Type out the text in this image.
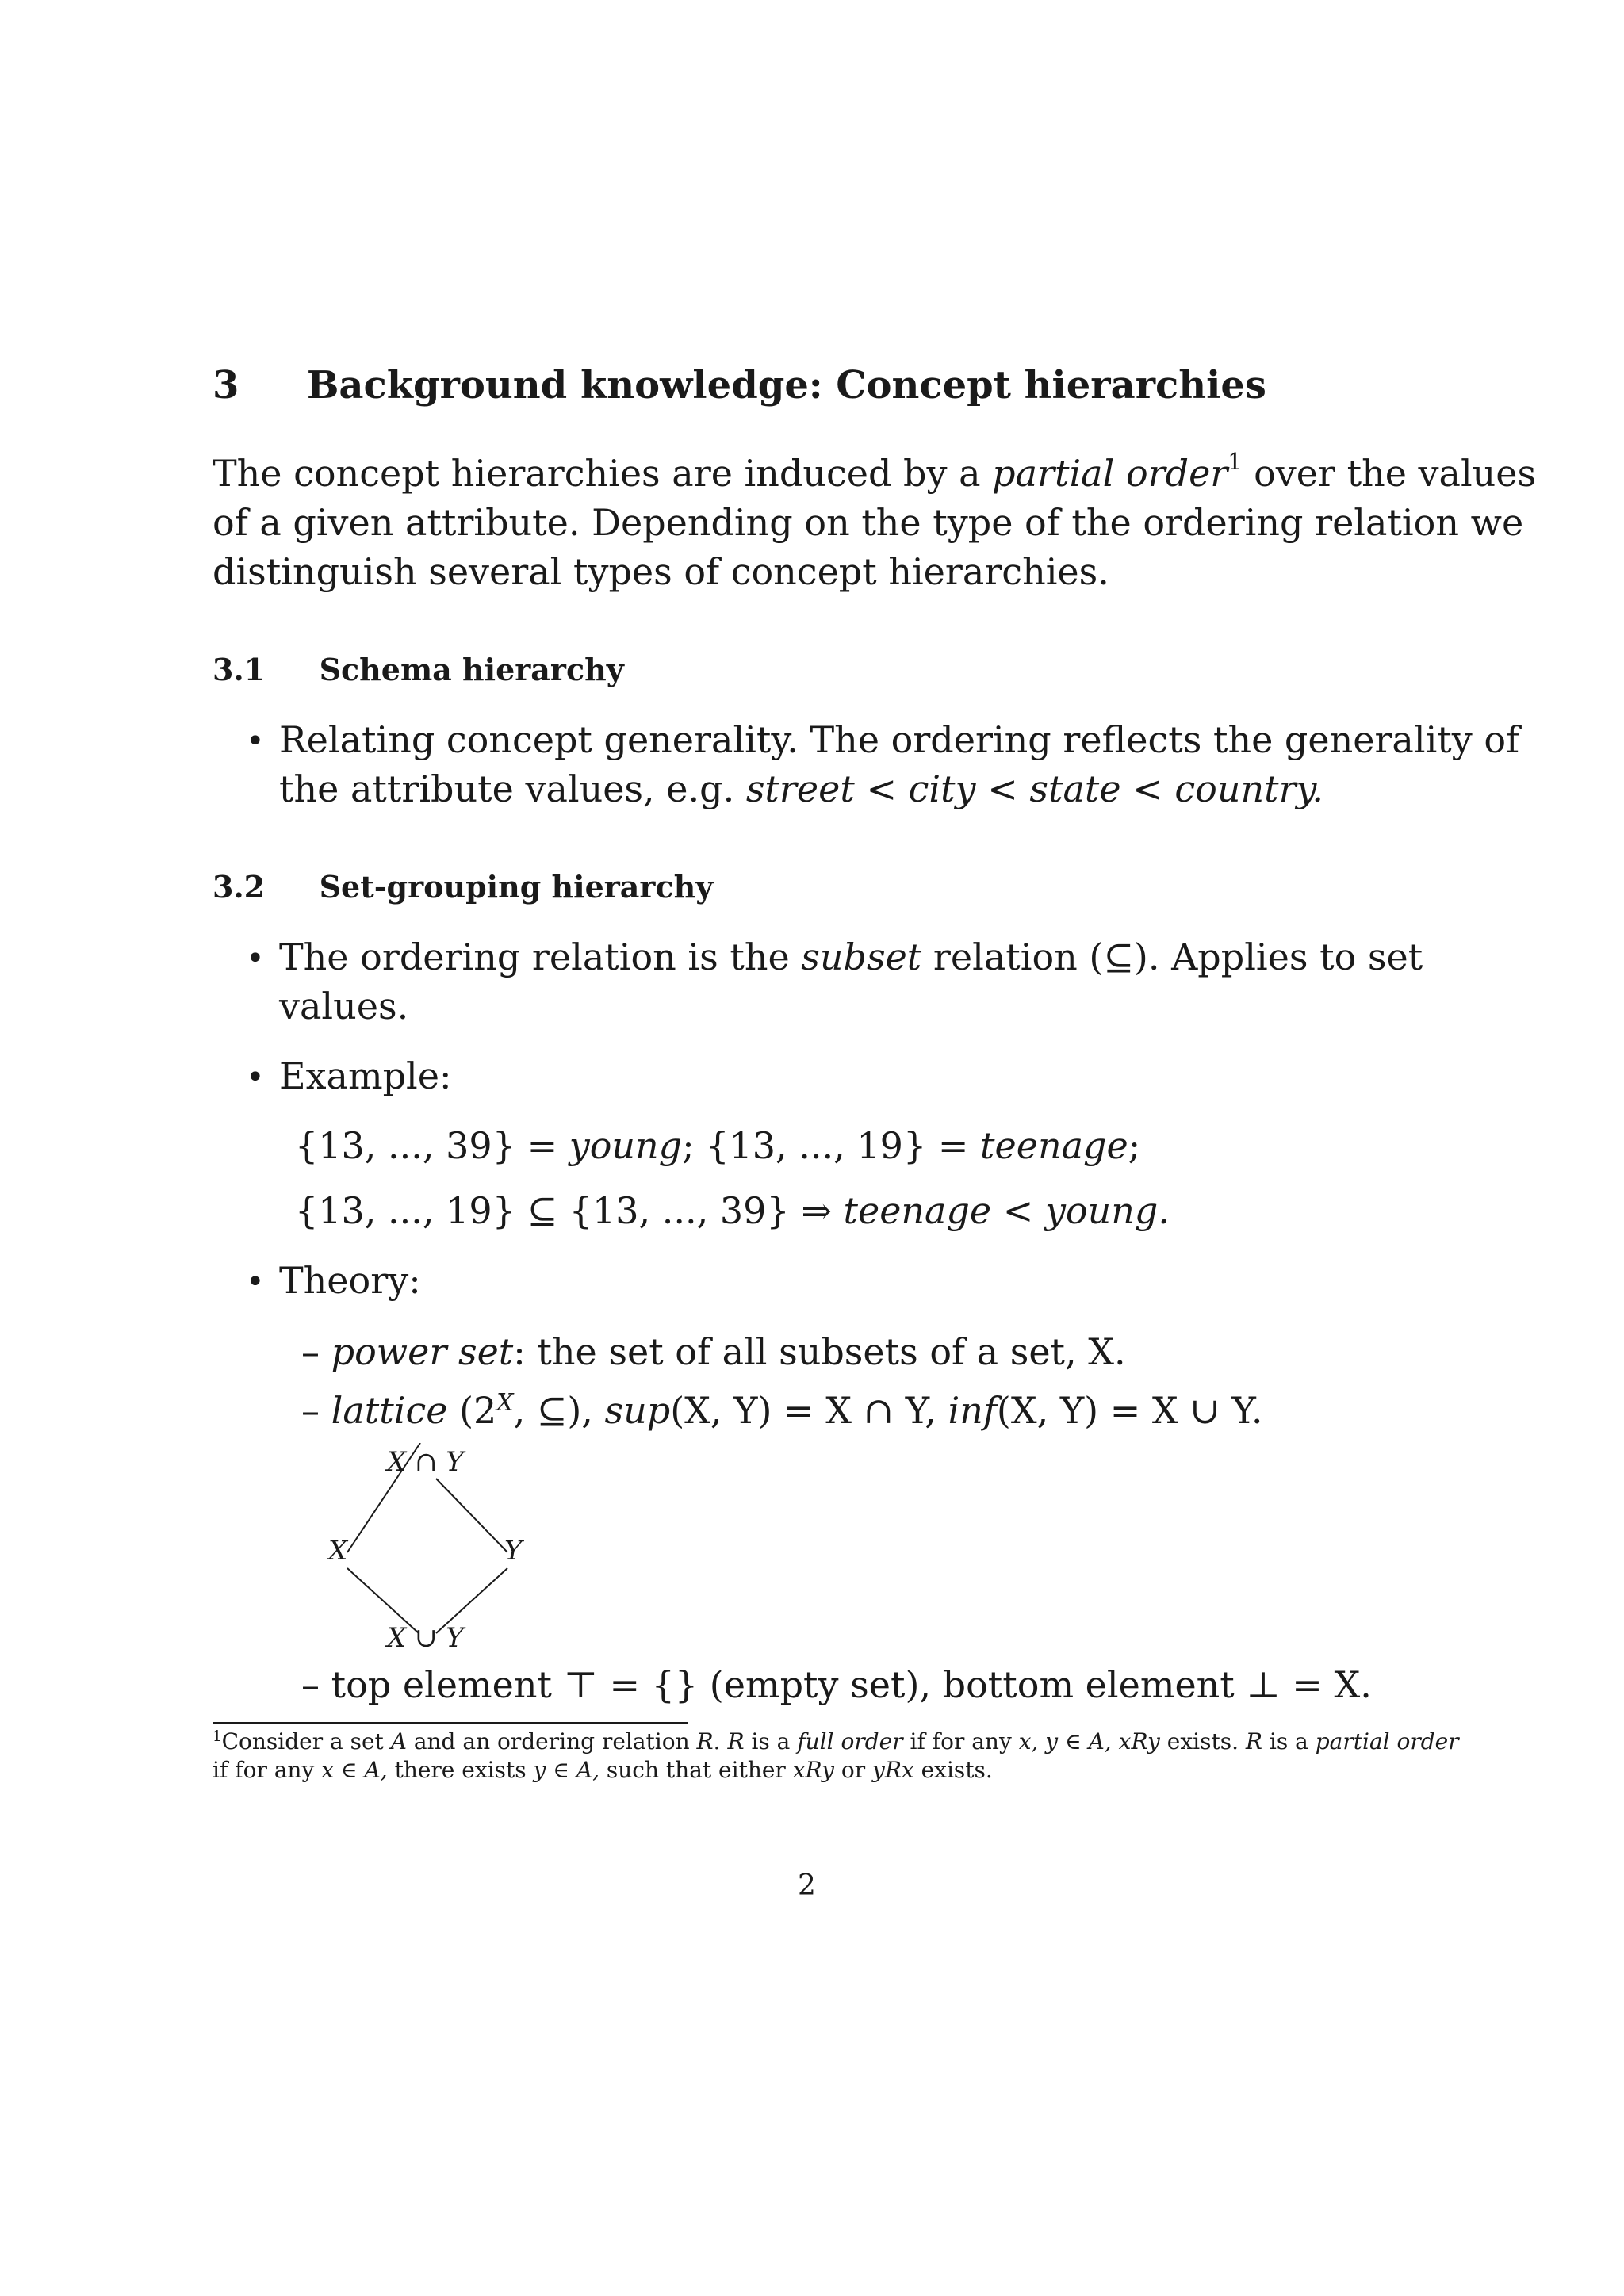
3 Background knowledge: Concept hierarchies
The concept hierarchies are induced by a partial order$^1$ over the values
of a given attribute. Depending on the type of the ordering relation we
distinguish several types of concept hierarchies.
3.1 Schema hierarchy
• Relating concept generality. The ordering reflects the generality of
the attribute values, e.g. street < city < state < country.
3.2 Set-grouping hierarchy
• The ordering relation is the subset relation (⊆). Applies to set
values.
• Example:
{13, ..., 39} = young; {13, ..., 19} = teenage;
{13, ..., 19} ⊆ {13, ..., 39} ⇒ teenage < young.
• Theory:
– power set: the set of all subsets of a set, X.
– lattice ($2^X$, ⊆), sup(X, Y) = X ∩ Y, inf(X, Y) = X ∪ Y.
X ∩ Y
X	Y
X ∪ Y
– top element ⊤ = {} (empty set), bottom element ⊥ = X.
$^1$Consider a set A and an ordering relation R. R is a full order if for any x, y ∈ A, xRy exists. R is a partial order
if for any x ∈ A, there exists y ∈ A, such that either xRy or yRx exists.
2
